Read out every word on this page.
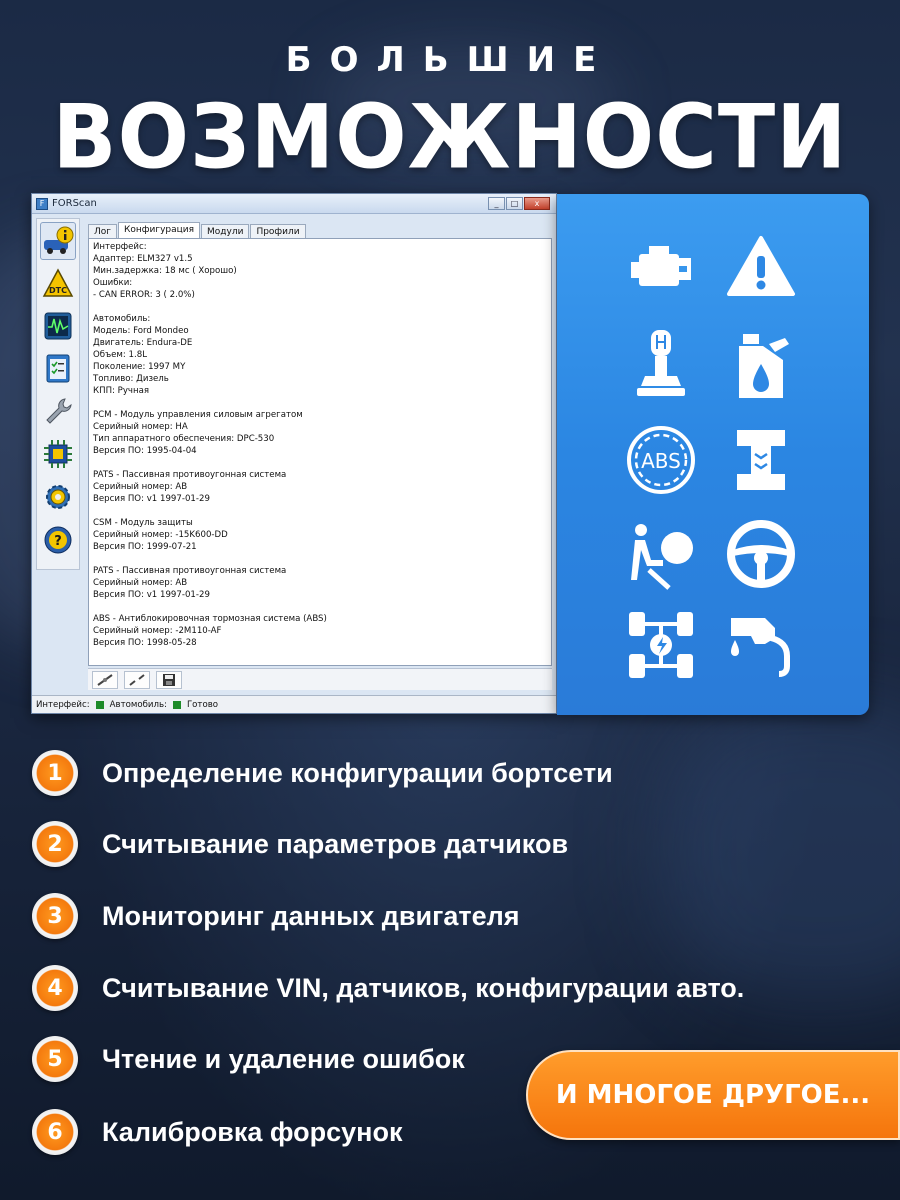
БОЛЬШИЕ
ВОЗМОЖНОСТИ
F FORScan	_	□	x
DTC
?
Лог	Конфигурация	Модули	Профили
Интерфейс:
Адаптер: ELM327 v1.5
Мин.задержка: 18 мс ( Хорошо)
Ошибки:
- CAN ERROR: 3 ( 2.0%)
Автомобиль:
Модель: Ford Mondeo
Двигатель: Endura-DE
Объем: 1.8L
Поколение: 1997 MY
Топливо: Дизель
КПП: Ручная
PCM - Модуль управления силовым агрегатом
Серийный номер: HA
Тип аппаратного обеспечения: DPC-530
Версия ПО: 1995-04-04
PATS - Пассивная противоугонная система
Серийный номер: AB
Версия ПО: v1 1997-01-29
CSM - Модуль защиты
Серийный номер: -15K600-DD
Версия ПО: 1999-07-21
PATS - Пассивная противоугонная система
Серийный номер: AB
Версия ПО: v1 1997-01-29
ABS - Антиблокировочная тормозная система (ABS)
Серийный номер: -2M110-AF
Версия ПО: 1998-05-28
Интерфейс: Автомобиль: Готово
ABS
1	Определение конфигурации бортсети
2	Считывание параметров датчиков
3	Мониторинг данных двигателя
4	Считывание VIN, датчиков, конфигурации авто.
5	Чтение и удаление ошибок
6	Калибровка форсунок
И МНОГОЕ ДРУГОЕ...
